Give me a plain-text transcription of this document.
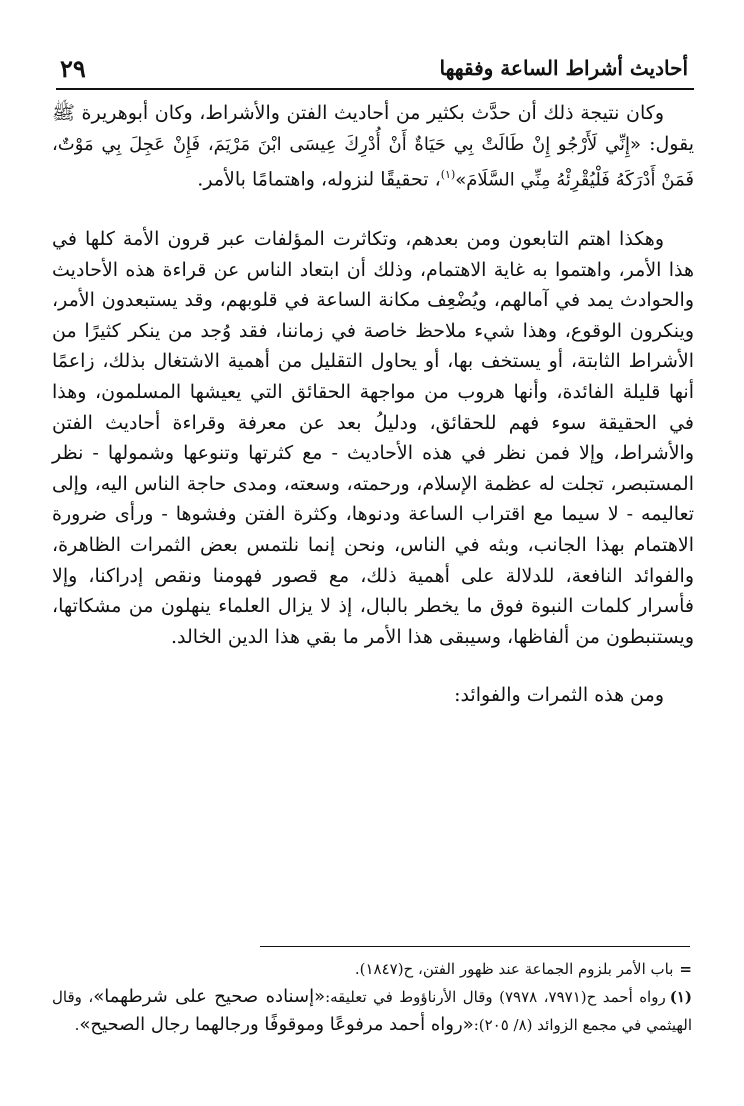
أحاديث أشراط الساعة وفقهها
٢٩

وكان نتيجة ذلك أن حدَّث بكثير من أحاديث الفتن والأشراط، وكان أبوهريرة ﷺ يقول: «إِنِّي لَأَرْجُو إِنْ طَالَتْ بِي حَيَاةٌ أَنْ أُدْرِكَ عِيسَى ابْنَ مَرْيَمَ، فَإِنْ عَجِلَ بِي مَوْتٌ، فَمَنْ أَدْرَكَهُ فَلْيُقْرِئْهُ مِنِّي السَّلَامَ»$^{(١)}$، تحقيقًا لنزوله، واهتمامًا بالأمر.

وهكذا اهتم التابعون ومن بعدهم، وتكاثرت المؤلفات عبر قرون الأمة كلها في هذا الأمر، واهتموا به غاية الاهتمام، وذلك أن ابتعاد الناس عن قراءة هذه الأحاديث والحوادث يمد في آمالهم، ويُضْعِف مكانة الساعة في قلوبهم، وقد يستبعدون الأمر، وينكرون الوقوع، وهذا شيء ملاحظ خاصة في زماننا، فقد وُجد من ينكر كثيرًا من الأشراط الثابتة، أو يستخف بها، أو يحاول التقليل من أهمية الاشتغال بذلك، زاعمًا أنها قليلة الفائدة، وأنها هروب من مواجهة الحقائق التي يعيشها المسلمون، وهذا في الحقيقة سوء فهم للحقائق، ودليلُ بعد عن معرفة وقراءة أحاديث الفتن والأشراط، وإلا فمن نظر في هذه الأحاديث - مع كثرتها وتنوعها وشمولها - نظر المستبصر، تجلت له عظمة الإسلام، ورحمته، وسعته، ومدى حاجة الناس اليه، وإلى تعاليمه - لا سيما مع اقتراب الساعة ودنوها، وكثرة الفتن وفشوها - ورأى ضرورة الاهتمام بهذا الجانب، وبثه في الناس، ونحن إنما نلتمس بعض الثمرات الظاهرة، والفوائد النافعة، للدلالة على أهمية ذلك، مع قصور فهومنا ونقص إدراكنا، وإلا فأسرار كلمات النبوة فوق ما يخطر بالبال، إذ لا يزال العلماء ينهلون من مشكاتها، ويستنبطون من ألفاظها، وسيبقى هذا الأمر ما بقي هذا الدين الخالد.

ومن هذه الثمرات والفوائد:

=باب الأمر بلزوم الجماعة عند ظهور الفتن، ح(١٨٤٧).

(١)رواه أحمد ح(٧٩٧١، ٧٩٧٨) وقال الأرناؤوط في تعليقه:«إسناده صحيح على شرطهما»، وقال الهيثمي في مجمع الزوائد (٨/ ٢٠٥):«رواه أحمد مرفوعًا وموقوفًا ورجالهما رجال الصحيح».
